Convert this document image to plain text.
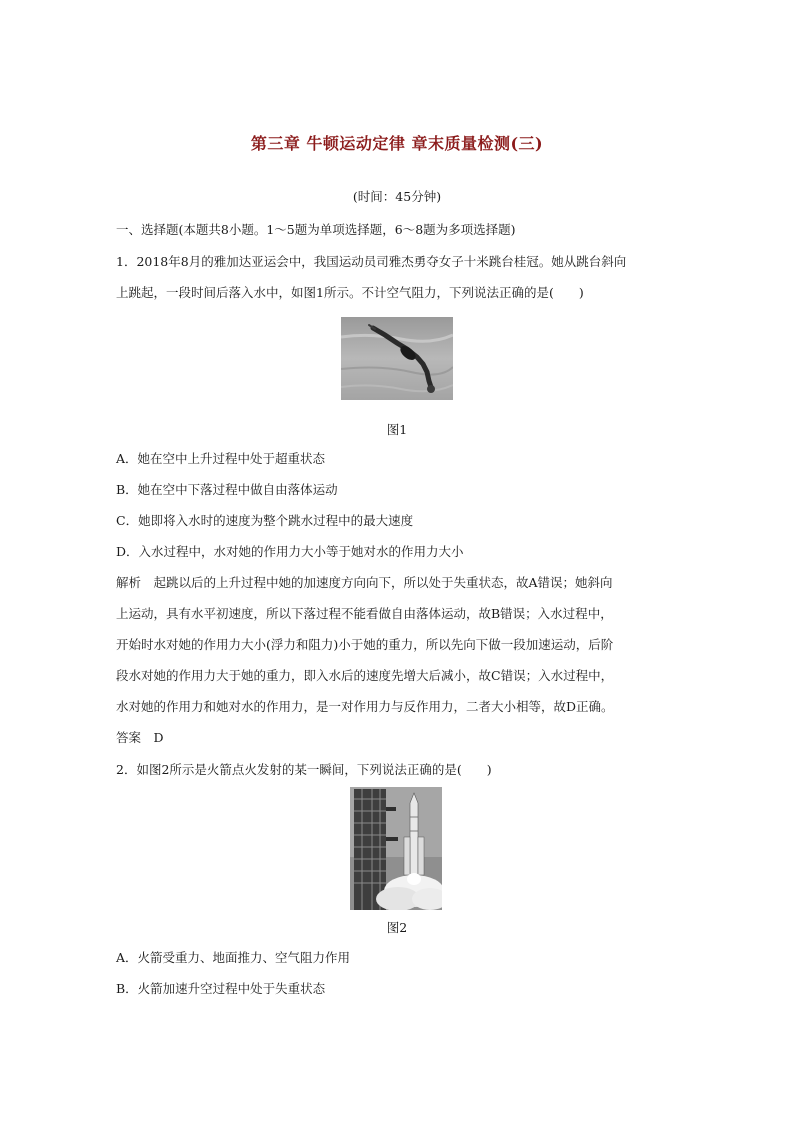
第三章 牛顿运动定律 章末质量检测(三)
(时间：45分钟)
一、选择题(本题共8小题。1～5题为单项选择题，6～8题为多项选择题)
1．2018年8月的雅加达亚运会中，我国运动员司雅杰勇夺女子十米跳台桂冠。她从跳台斜向
上跳起，一段时间后落入水中，如图1所示。不计空气阻力，下列说法正确的是(　　)
图1
A．她在空中上升过程中处于超重状态
B．她在空中下落过程中做自由落体运动
C．她即将入水时的速度为整个跳水过程中的最大速度
D．入水过程中，水对她的作用力大小等于她对水的作用力大小
解析　起跳以后的上升过程中她的加速度方向向下，所以处于失重状态，故A错误；她斜向
上运动，具有水平初速度，所以下落过程不能看做自由落体运动，故B错误；入水过程中，
开始时水对她的作用力大小(浮力和阻力)小于她的重力，所以先向下做一段加速运动，后阶
段水对她的作用力大于她的重力，即入水后的速度先增大后减小，故C错误；入水过程中，
水对她的作用力和她对水的作用力，是一对作用力与反作用力，二者大小相等，故D正确。
答案　D
2．如图2所示是火箭点火发射的某一瞬间，下列说法正确的是(　　)
图2
A．火箭受重力、地面推力、空气阻力作用
B．火箭加速升空过程中处于失重状态
